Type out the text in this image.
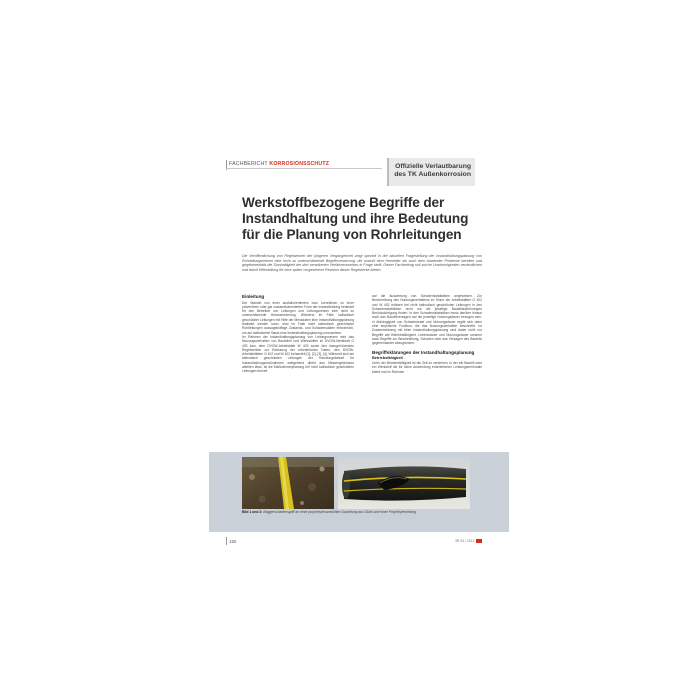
FACHBERICHT KORROSIONSSCHUTZ	Offizielle Verlautbarung
des TK Außenkorrosion
Werkstoffbezogene Begriffe der
Instandhaltung und ihre Bedeutung
für die Planung von Rohrleitungen
Die Veröffentlichung von Regelwerken der jüngeren Vergangenheit zeigt speziell in der aktuellen Fragestellung der Instandhaltungsplanung von Rohrleitungsnetzen eine nicht zu unterschätzende Begriffsverwirrung, die sowohl dem Hersteller als auch dem Anwender Probleme bereiten und gegebenenfalls die Sinnhaftigkeit der dort verankerten Verfahrensweisen in Frage stellt. Dieser Fachbeitrag soll solche Unstimmigkeiten verdeutlichen und damit Hilfestellung für eine später vorgesehene Revision dieser Regelwerke bieten.
Einleitung

Der Wandel von einer ausfallorientierten bzw. korrektiven zu einer präventiven oder gar zustandsorientierten Form der Instandhaltung bedeutet für den Betreiber von Leitungen und Leitungsnetzen eine nicht zu unterschätzende Herausforderung. Während im Falle kathodisch geschützter Leitungen mit Hilfe der Messdaten eine Instandhaltungsplanung realisiert werden kann, sind im Falle nicht kathodisch geschützter Rohrleitungen aussagekräftige Zustands- und Schadensdaten erforderlich, um auf statistischer Basis eine Instandhaltungsplanung umzusetzen.

Im Rahmen der Instandhaltungsplanung von Leitungsnetzen wird das Nutzungsverhalten von Bauteilen und Werkstoffen im DVGW-Merkblatt G 403 bzw. dem DVGW-Arbeitsblatt W 403 sowie den dazugehörenden Regelwerken zur Erfassung der erforderlichen Daten, den DVGW-Arbeitsblättern G 402 und W 402 behandelt [1], [2], [3], [4]. Während sich bei kathodisch geschützten Leitungen der Handlungsbedarf für Instandhaltungsmaßnahmen weitgehend direkt aus Messergebnissen ableiten lässt, ist die Maßnahmenplanung bei nicht kathodisch geschützten Leitungen derzeit

auf die Auswertung von Schadensstatistiken angewiesen. Zur Beschreibung des Nutzungsverhaltens im Sinne der Arbeitsblätter G 402 und W 402 müssen bei nicht kathodisch geschützten Leitungen in den Schadensstatistiken nicht nur die jeweilige Bauteilausführungen Berücksichtigung finden. In den Schadensstatistiken muss darüber hinaus auch das Bauteilversagen auf die jeweilige Nutzungsdauer bezogen sein. In Abhängigkeit von Schadensrate und Nutzungsdauer ergibt sich dann eine empirische Funktion, die das Nutzungsverhalten beschreibt. Im Zusammenhang mit einer Instandhaltungsplanung sind daher nicht nur Begriffe wie Betriebsfähigkeit, Lebensdauer und Nutzungsdauer sondern auch Begriffe zur Beschreibung, Schaden oder das Versagen des Bauteils gegeneinander abzugrenzen.

Begriffsklärungen der Instandhaltungsplanung
Betriebsfähigkeit

Unter der Betriebsfähigkeit ist die Zeit zu verstehen, in der ein Bauteil oder ein Werkstoff die für seine Anwendung erforderlichen Leistungsmerkmale bietet und im Rahmen

Bild 1 und 2: Baggerschadensgriff an einer polyethylenumhüllten Gasleitung aus Stahl und einer Polyethylenleitung
150	3R 03 / 2012
